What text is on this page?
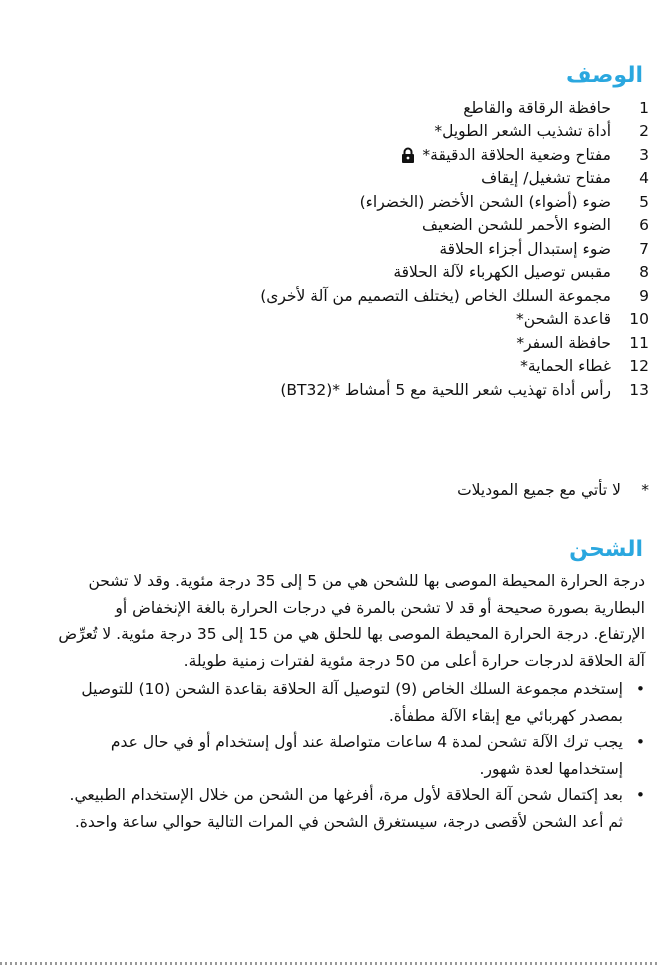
الوصف
1
حافظة الرقاقة والقاطع
2
أداة تشذيب الشعر الطويل*
3
مفتاح وضعية الحلاقة الدقيقة*
4
مفتاح تشغيل/ إيقاف
5
ضوء (أضواء) الشحن الأخضر (الخضراء)
6
الضوء الأحمر للشحن الضعيف
7
ضوء إستبدال أجزاء الحلاقة
8
مقبس توصيل الكهرباء لآلة الحلاقة
9
مجموعة السلك الخاص (يختلف التصميم من آلة لأخرى)
10
قاعدة الشحن*
11
حافظة السفر*
12
غطاء الحماية*
13
رأس أداة تهذيب شعر اللحية مع 5 أمشاط *(BT32)
*
لا تأتي مع جميع الموديلات
الشحن
درجة الحرارة المحيطة الموصى بها للشحن هي من 5 إلى 35 درجة مئوية. وقد لا تشحن
البطارية بصورة صحيحة أو قد لا تشحن بالمرة في درجات الحرارة بالغة الإنخفاض أو
الإرتفاع. درجة الحرارة المحيطة الموصى بها للحلق هي من 15 إلى 35 درجة مئوية. لا تُعرِّض
آلة الحلاقة لدرجات حرارة أعلى من 50 درجة مئوية لفترات زمنية طويلة.
•
إستخدم مجموعة السلك الخاص (9) لتوصيل آلة الحلاقة بقاعدة الشحن (10) للتوصيل
بمصدر كهربائي مع إبقاء الآلة مطفأة.
•
يجب ترك الآلة تشحن لمدة 4 ساعات متواصلة عند أول إستخدام أو في حال عدم
إستخدامها لعدة شهور.
•
بعد إكتمال شحن آلة الحلاقة لأول مرة، أفرغها من الشحن من خلال الإستخدام الطبيعي.
ثم أعد الشحن لأقصى درجة، سيستغرق الشحن في المرات التالية حوالي ساعة واحدة.
